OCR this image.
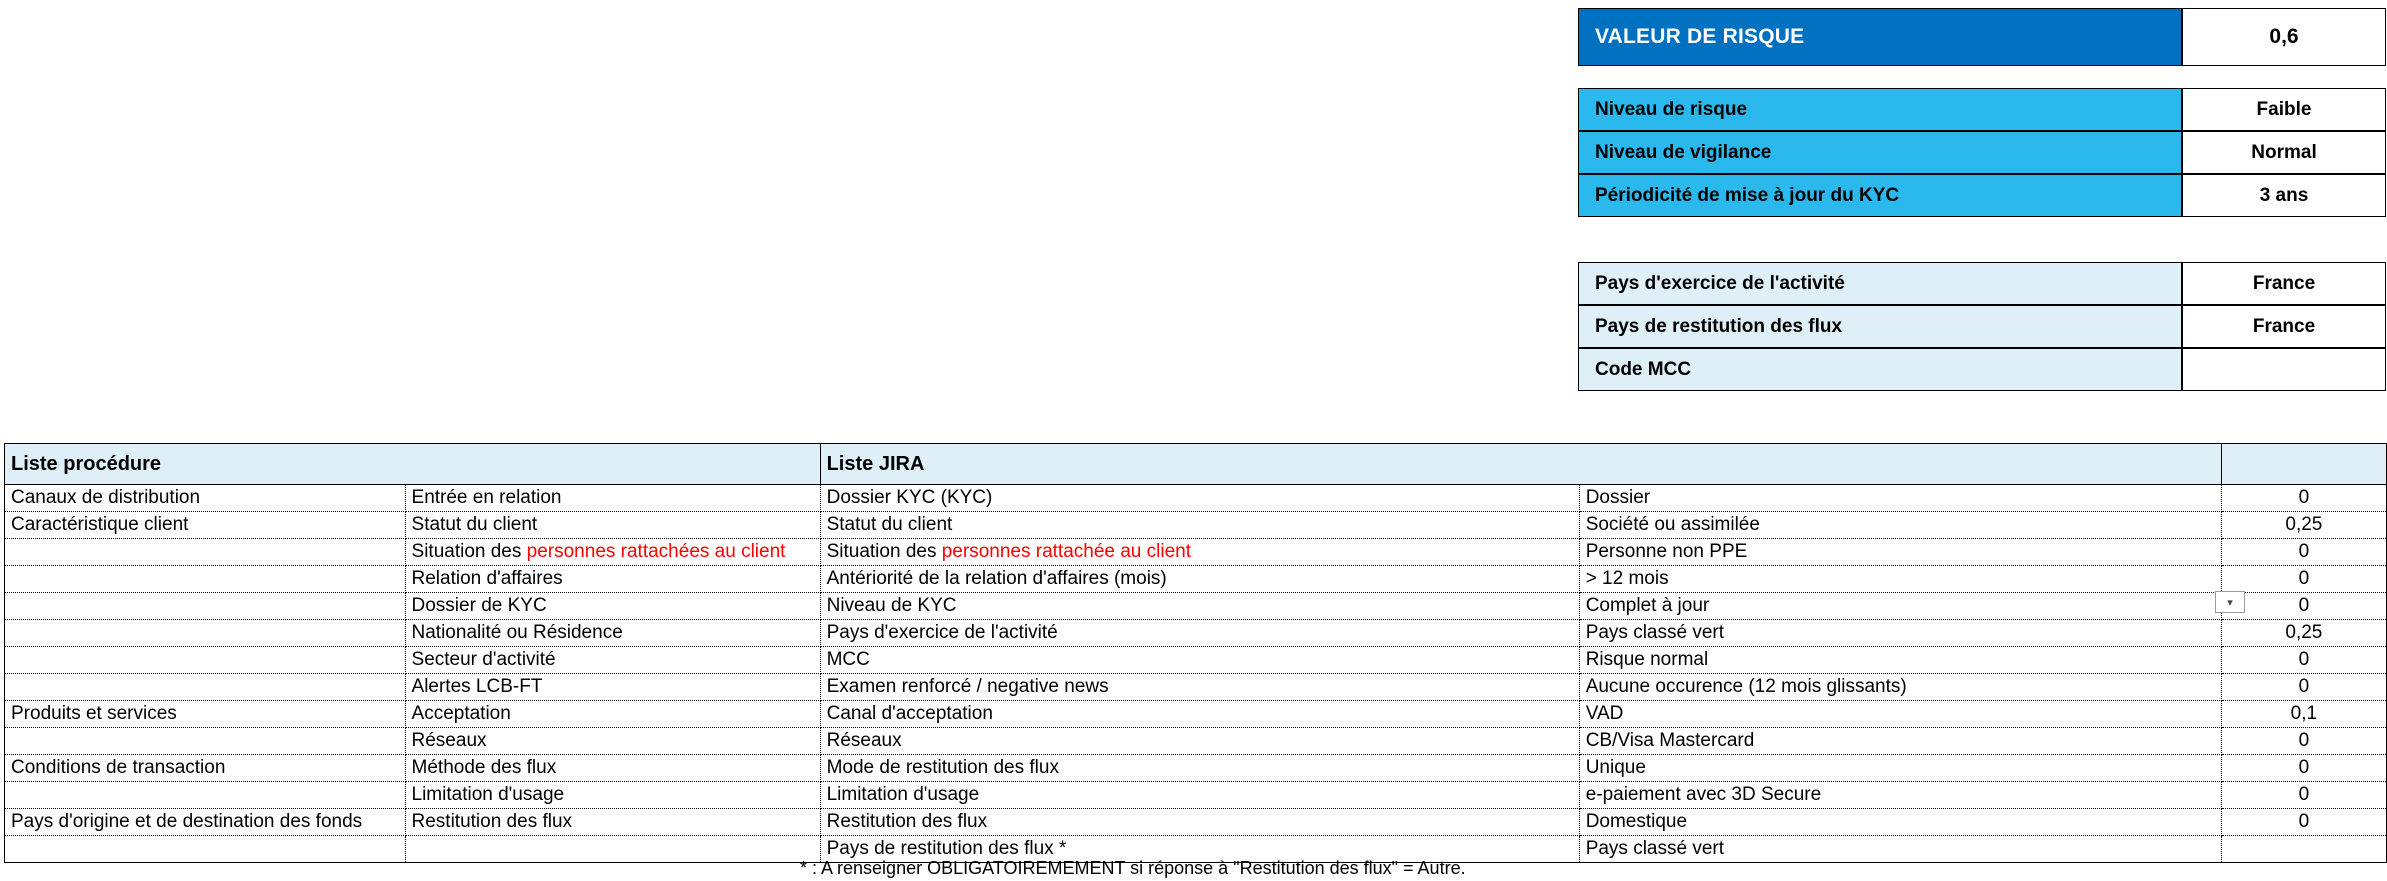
VALEUR DE RISQUE	0,6
Niveau de risque	Faible
Niveau de vigilance	Normal
Périodicité de mise à jour du KYC	3 ans
Pays d'exercice de l'activité	France
Pays de restitution des flux	France
Code MCC
Liste procédure		Liste JIRA		
Canaux de distribution	Entrée en relation	Dossier KYC (KYC)	Dossier	0
Caractéristique client	Statut du client	Statut du client	Société ou assimilée	0,25
	Situation des personnes rattachées au client	Situation des personnes rattachée au client	Personne non PPE	0
	Relation d'affaires	Antériorité de la relation d'affaires (mois)	> 12 mois	0
	Dossier de KYC	Niveau de KYC	Complet à jour	0
	Nationalité ou Résidence	Pays d'exercice de l'activité	Pays classé vert	0,25
	Secteur d'activité	MCC	Risque normal	0
	Alertes LCB-FT	Examen renforcé / negative news	Aucune occurence (12 mois glissants)	0
Produits et services	Acceptation	Canal d'acceptation	VAD	0,1
	Réseaux	Réseaux	CB/Visa Mastercard	0
Conditions de transaction	Méthode des flux	Mode de restitution des flux	Unique	0
	Limitation d'usage	Limitation d'usage	e-paiement avec 3D Secure	0
Pays d'origine et de destination des fonds	Restitution des flux	Restitution des flux	Domestique	0
		Pays de restitution des flux *	Pays classé vert	
▾
* : A renseigner OBLIGATOIREMEMENT si réponse à "Restitution des flux" = Autre.
